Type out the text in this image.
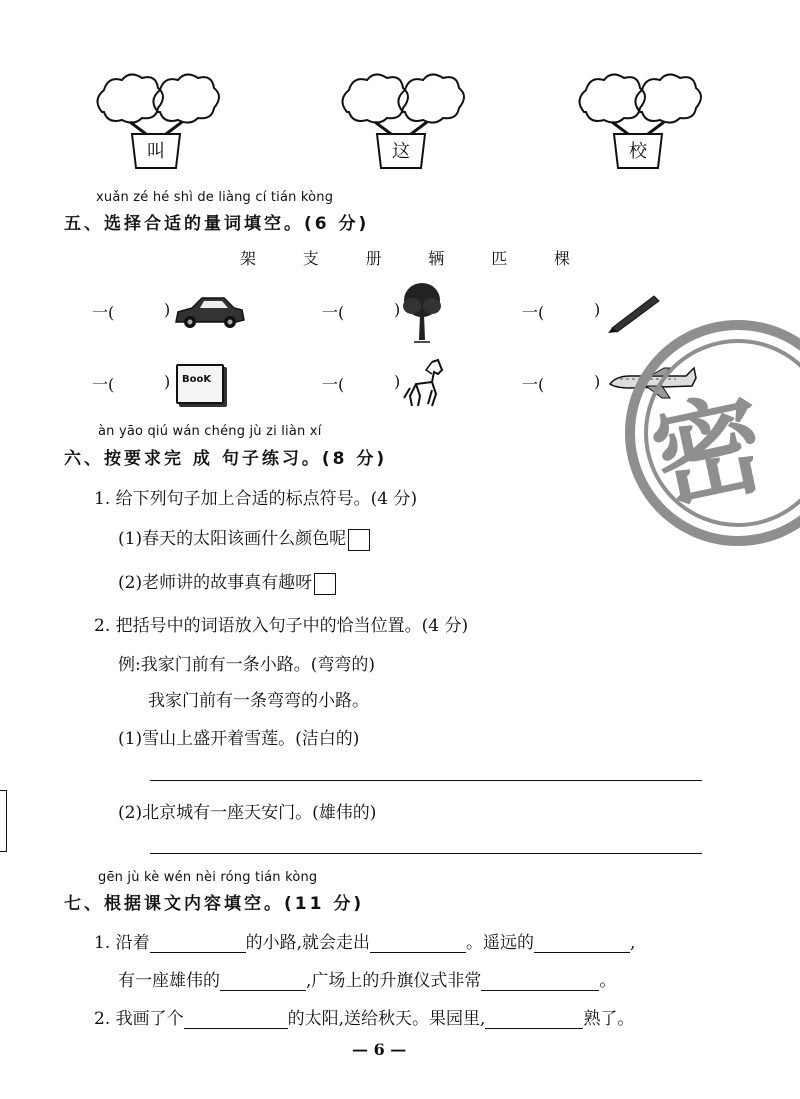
叫	这	校
xuǎn zé hé shì de liàng cí tián kòng
五、选择合适的量词填空。(6 分)
架	支	册	辆	匹	棵
一(	)	一(	)	一(	)
一(	) BooK	一(	)	一(	)
àn yāo qiú wán chéng jù zi liàn xí
六、按要求完 成 句子练习。(8 分)
1. 给下列句子加上合适的标点符号。(4 分)
(1)春天的太阳该画什么颜色呢
(2)老师讲的故事真有趣呀
2. 把括号中的词语放入句子中的恰当位置。(4 分)
例:我家门前有一条小路。(弯弯的)
我家门前有一条弯弯的小路。
(1)雪山上盛开着雪莲。(洁白的)
(2)北京城有一座天安门。(雄伟的)
gēn jù kè wén nèi róng tián kòng
七、根据课文内容填空。(11 分)
1. 沿着	的小路,就会走出	。遥远的	,
有一座雄伟的	,广场上的升旗仪式非常	。
2. 我画了个	的太阳,送给秋天。果园里,	熟了。
— 6 —
密
